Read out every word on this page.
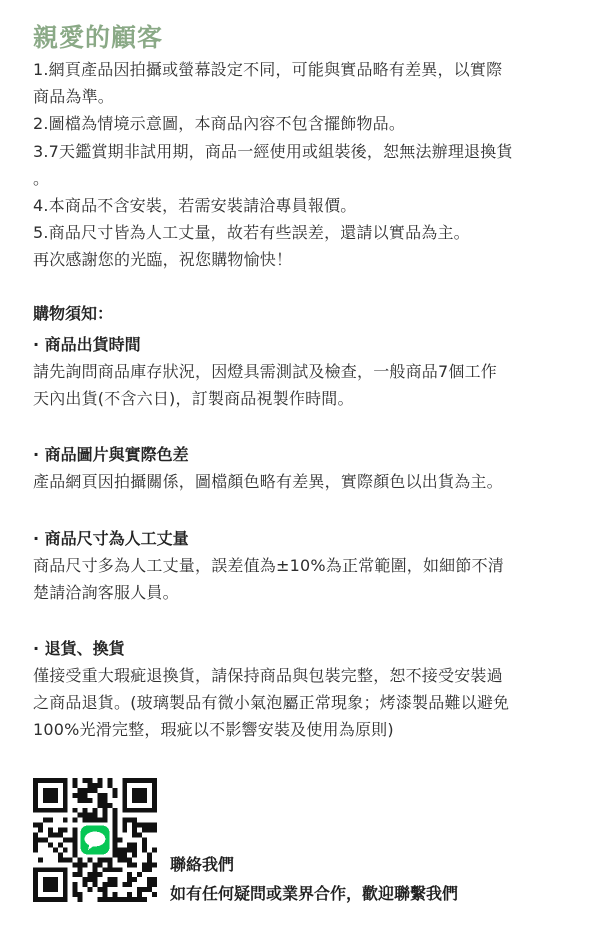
親愛的顧客
1.網頁產品因拍攝或螢幕設定不同，可能與實品略有差異，以實際
商品為準。
2.圖檔為情境示意圖，本商品內容不包含擺飾物品。
3.7天鑑賞期非試用期，商品一經使用或組裝後，恕無法辦理退換貨
。
4.本商品不含安裝，若需安裝請洽專員報價。
5.商品尺寸皆為人工丈量，故若有些誤差，還請以實品為主。
再次感謝您的光臨，祝您購物愉快！
購物須知：
· 商品出貨時間
請先詢問商品庫存狀況，因燈具需測試及檢查，一般商品7個工作
天內出貨(不含六日)，訂製商品視製作時間。
· 商品圖片與實際色差
產品網頁因拍攝關係，圖檔顏色略有差異，實際顏色以出貨為主。
· 商品尺寸為人工丈量
商品尺寸多為人工丈量，誤差值為±10%為正常範圍，如細節不清
楚請洽詢客服人員。
· 退貨、換貨
僅接受重大瑕疵退換貨，請保持商品與包裝完整，恕不接受安裝過
之商品退貨。(玻璃製品有微小氣泡屬正常現象；烤漆製品難以避免
100%光滑完整，瑕疵以不影響安裝及使用為原則)
聯絡我們
如有任何疑問或業界合作，歡迎聯繫我們
